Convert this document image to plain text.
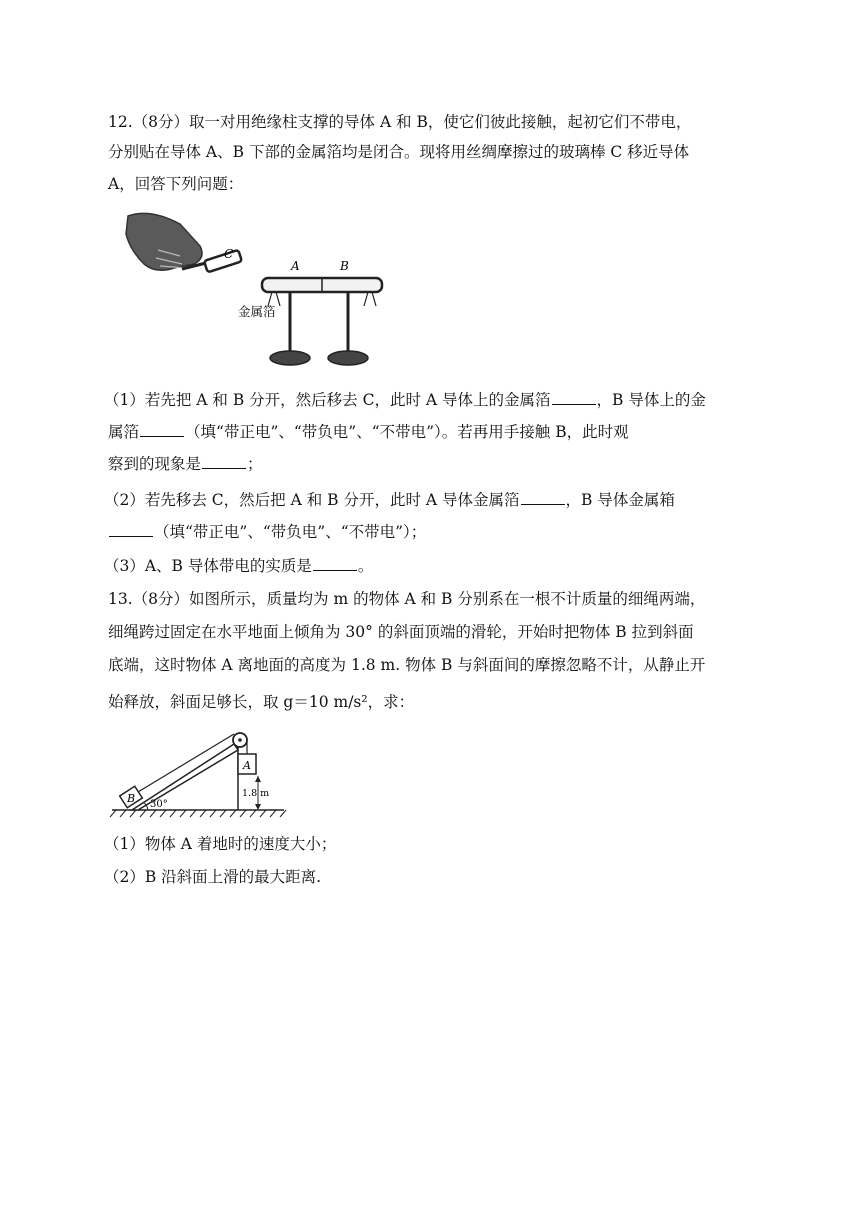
12.（8分）取一对用绝缘柱支撑的导体 A 和 B，使它们彼此接触，起初它们不带电，
分别贴在导体 A、B 下部的金属箔均是闭合。现将用丝绸摩擦过的玻璃棒 C 移近导体
A，回答下列问题：
C
A	B
金属箔
（1）若先把 A 和 B 分开，然后移去 C，此时 A 导体上的金属箔	，B 导体上的金
属箔	（填“带正电”、“带负电”、“不带电”）。若再用手接触 B，此时观
察到的现象是	；
（2）若先移去 C，然后把 A 和 B 分开，此时 A 导体金属箔	，B 导体金属箱
（填“带正电”、“带负电”、“不带电”）；
（3）A、B 导体带电的实质是	。
13.（8分）如图所示，质量均为 m 的物体 A 和 B 分别系在一根不计质量的细绳两端，
细绳跨过固定在水平地面上倾角为 30° 的斜面顶端的滑轮，开始时把物体 B 拉到斜面
底端，这时物体 A 离地面的高度为 1.8 m. 物体 B 与斜面间的摩擦忽略不计，从静止开
始释放，斜面足够长，取 g＝10 m/s²，求：
A
1.8 m
B 30°
（1）物体 A 着地时的速度大小；
（2）B 沿斜面上滑的最大距离.
